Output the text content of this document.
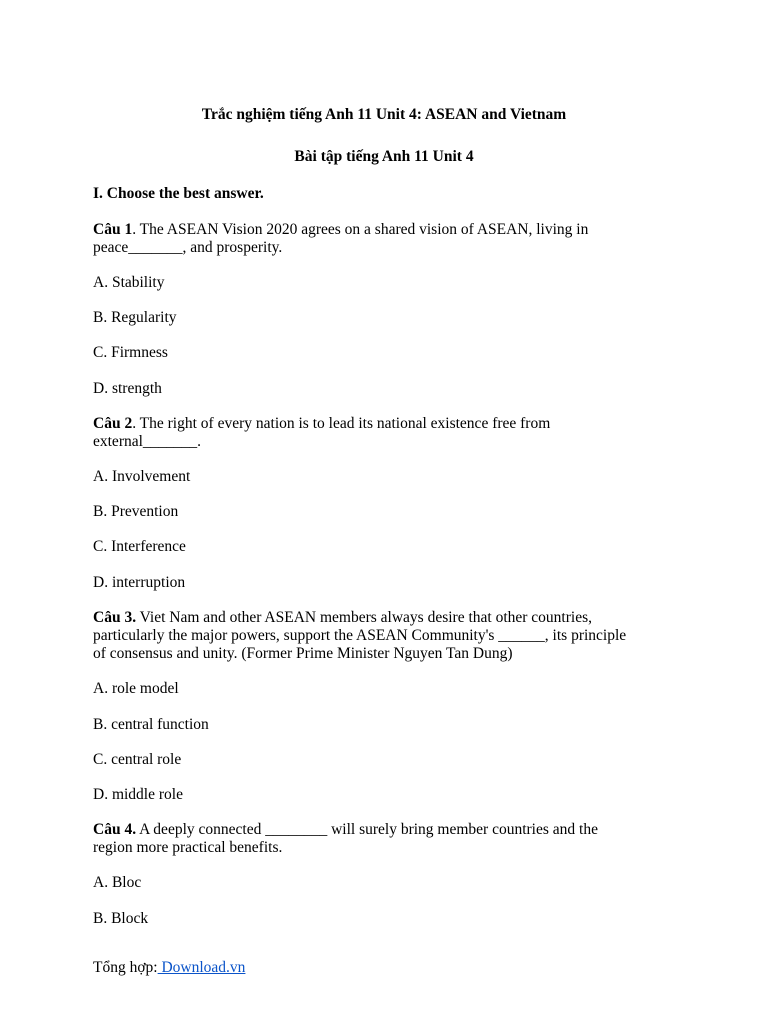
Trắc nghiệm tiếng Anh 11 Unit 4: ASEAN and Vietnam
Bài tập tiếng Anh 11 Unit 4
I. Choose the best answer.
Câu 1. The ASEAN Vision 2020 agrees on a shared vision of ASEAN, living in
peace_______, and prosperity.
A. Stability
B. Regularity
C. Firmness
D. strength
Câu 2. The right of every nation is to lead its national existence free from
external_______.
A. Involvement
B. Prevention
C. Interference
D. interruption
Câu 3. Viet Nam and other ASEAN members always desire that other countries,
particularly the major powers, support the ASEAN Community's ______, its principle
of consensus and unity. (Former Prime Minister Nguyen Tan Dung)
A. role model
B. central function
C. central role
D. middle role
Câu 4. A deeply connected ________ will surely bring member countries and the
region more practical benefits.
A. Bloc
B. Block
Tổng hợp: Download.vn
